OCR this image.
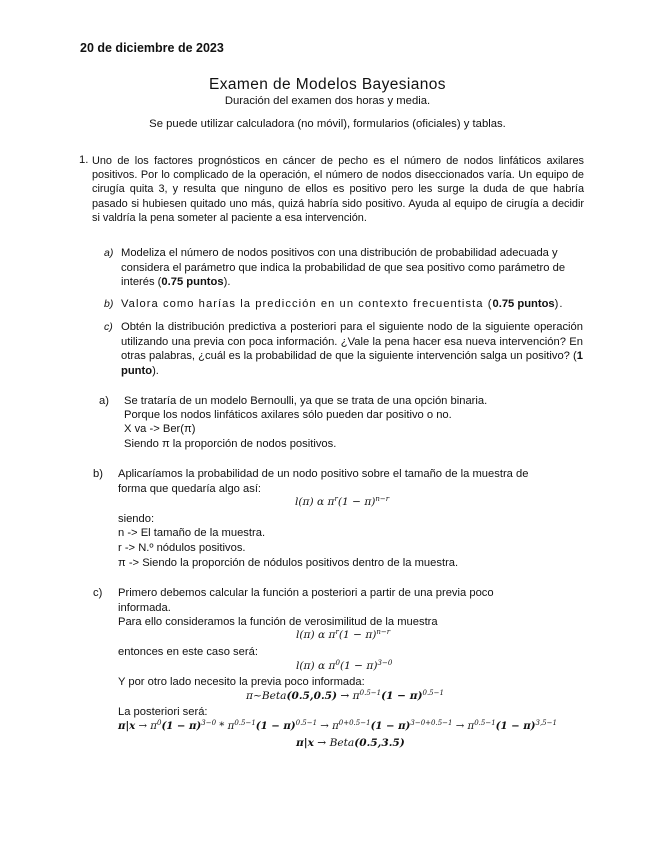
20 de diciembre de 2023
Examen de Modelos Bayesianos
Duración del examen dos horas y media.
Se puede utilizar calculadora (no móvil), formularios (oficiales) y tablas.
1. Uno de los factores prognósticos en cáncer de pecho es el número de nodos linfáticos axilares positivos. Por lo complicado de la operación, el número de nodos diseccionados varía. Un equipo de cirugía quita 3, y resulta que ninguno de ellos es positivo pero les surge la duda de que habría pasado si hubiesen quitado uno más, quizá habría sido positivo. Ayuda al equipo de cirugía a decidir si valdría la pena someter al paciente a esa intervención.
a) Modeliza el número de nodos positivos con una distribución de probabilidad adecuada y considera el parámetro que indica la probabilidad de que sea positivo como parámetro de interés (0.75 puntos).
b) Valora como harías la predicción en un contexto frecuentista (0.75 puntos).
c) Obtén la distribución predictiva a posteriori para el siguiente nodo de la siguiente operación utilizando una previa con poca información. ¿Vale la pena hacer esa nueva intervención? En otras palabras, ¿cuál es la probabilidad de que la siguiente intervención salga un positivo? (1 punto).
a) Se trataría de un modelo Bernoulli, ya que se trata de una opción binaria.
Porque los nodos linfáticos axilares sólo pueden dar positivo o no.
X va -> Ber(π)
Siendo π la proporción de nodos positivos.
b) Aplicaríamos la probabilidad de un nodo positivo sobre el tamaño de la muestra de
forma que quedaría algo así:
l(π) α $\pi^r(1 - \pi)^{n-r}$
siendo:
n -> El tamaño de la muestra.
r -> N.º nódulos positivos.
π -> Siendo la proporción de nódulos positivos dentro de la muestra.
c) Primero debemos calcular la función a posteriori a partir de una previa poco
informada.
Para ello consideramos la función de verosimilitud de la muestra
l(π) α $\pi^r(1 - \pi)^{n-r}$
entonces en este caso será:
l(π) α $\pi^0(1 - \pi)^{3-0}$
Y por otro lado necesito la previa poco informada:
π~Beta(0.5,0.5) → $\pi^{0.5-1}(1 - \pi)^{0.5-1}$
La posteriori será:
$\pi|x \to \pi^0(1 - \pi)^{3-0} * \pi^{0.5-1}(1 - \pi)^{0.5-1} \to \pi^{0+0.5-1}(1 - \pi)^{3-0+0.5-1} \to \pi^{0.5-1}(1 - \pi)^{3,5-1}$
π|x → Beta(0.5,3.5)
